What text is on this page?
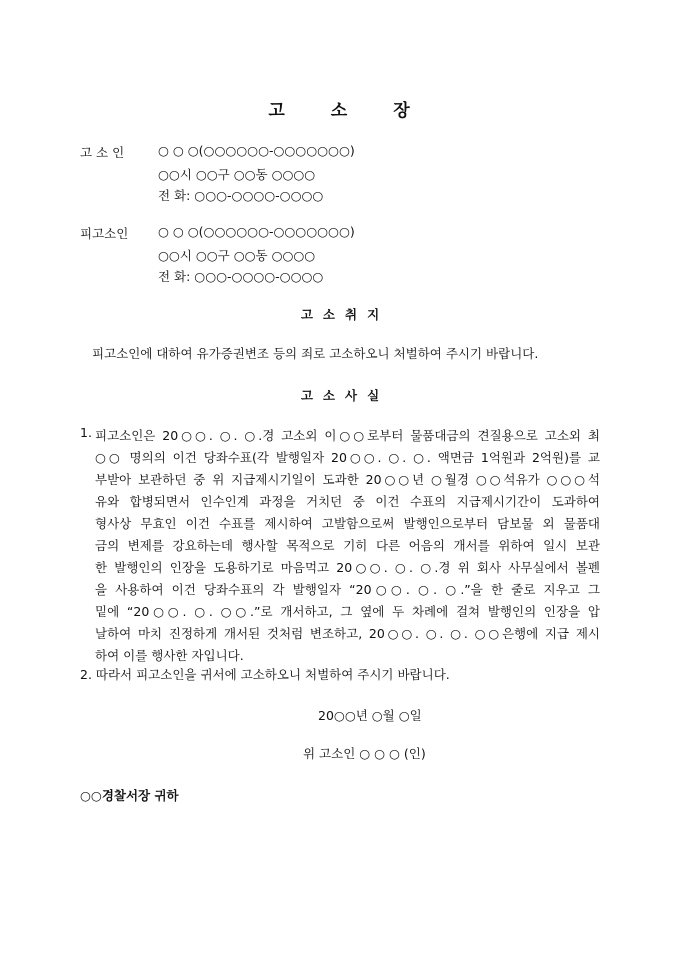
고	소	장
고 소 인	○ ○ ○(○○○○○○-○○○○○○○)
○○시 ○○구 ○○동 ○○○○
전 화: ○○○-○○○○-○○○○
피고소인 ○ ○ ○(○○○○○○-○○○○○○○)
○○시 ○○구 ○○동 ○○○○
전 화: ○○○-○○○○-○○○○
고 소 취 지
피고소인에 대하여 유가증권변조 등의 죄로 고소하오니 처벌하여 주시기 바랍니다.
고 소 사 실
1. 피고소인은 20○○. ○. ○.경 고소외 이○○로부터 물품대금의 견질용으로 고소외 최
○○ 명의의 이건 당좌수표(각 발행일자 20○○. ○. ○. 액면금 1억원과 2억원)를 교
부받아 보관하던 중 위 지급제시기일이 도과한 20○○년 ○월경 ○○석유가 ○○○석
유와 합병되면서 인수인계 과정을 거치던 중 이건 수표의 지급제시기간이 도과하여
형사상 무효인 이건 수표를 제시하여 고발함으로써 발행인으로부터 담보물 외 물품대
금의 변제를 강요하는데 행사할 목적으로 기히 다른 어음의 개서를 위하여 일시 보관
한 발행인의 인장을 도용하기로 마음먹고 20○○. ○. ○.경 위 회사 사무실에서 볼펜
을 사용하여 이건 당좌수표의 각 발행일자 “20○○. ○. ○.”을 한 줄로 지우고 그
밑에 “20○○. ○. ○○.”로 개서하고, 그 옆에 두 차례에 걸쳐 발행인의 인장을 압
날하여 마치 진정하게 개서된 것처럼 변조하고, 20○○. ○. ○. ○○은행에 지급 제시
하여 이를 행사한 자입니다.
2. 따라서 피고소인을 귀서에 고소하오니 처벌하여 주시기 바랍니다.
20○○년 ○월 ○일
위 고소인 ○ ○ ○ (인)
○○경찰서장 귀하
